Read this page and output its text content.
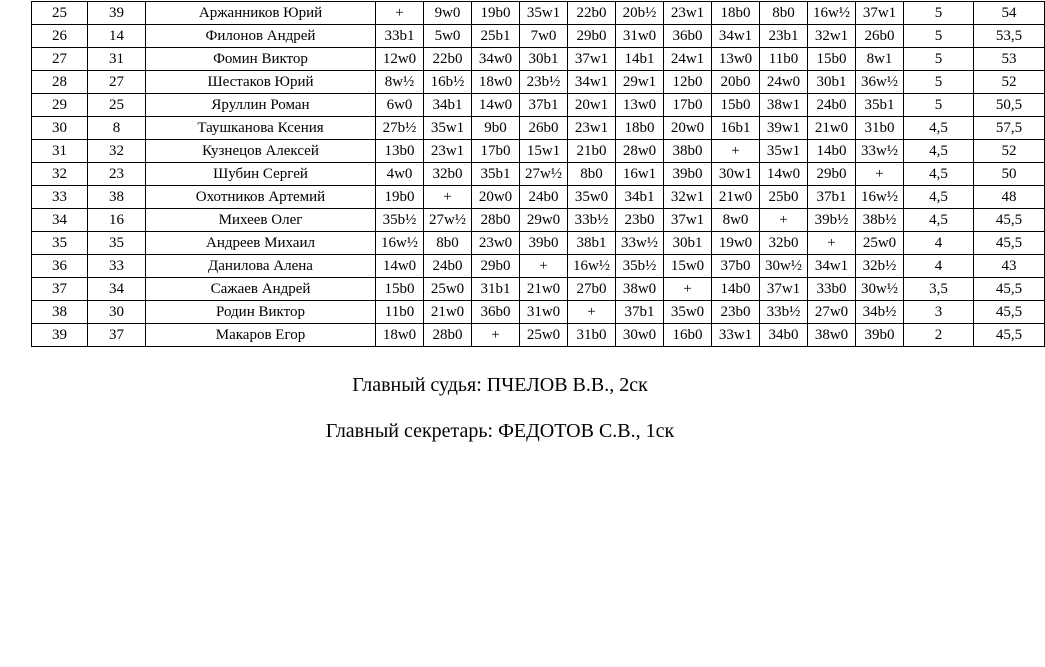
25	39	Аржанников Юрий	+	9w0	19b0	35w1	22b0	20b½	23w1	18b0	8b0	16w½	37w1	5	54
26	14	Филонов Андрей	33b1	5w0	25b1	7w0	29b0	31w0	36b0	34w1	23b1	32w1	26b0	5	53,5
27	31	Фомин Виктор	12w0	22b0	34w0	30b1	37w1	14b1	24w1	13w0	11b0	15b0	8w1	5	53
28	27	Шестаков Юрий	8w½	16b½	18w0	23b½	34w1	29w1	12b0	20b0	24w0	30b1	36w½	5	52
29	25	Яруллин Роман	6w0	34b1	14w0	37b1	20w1	13w0	17b0	15b0	38w1	24b0	35b1	5	50,5
30	8	Таушканова Ксения	27b½	35w1	9b0	26b0	23w1	18b0	20w0	16b1	39w1	21w0	31b0	4,5	57,5
31	32	Кузнецов Алексей	13b0	23w1	17b0	15w1	21b0	28w0	38b0	+	35w1	14b0	33w½	4,5	52
32	23	Шубин Сергей	4w0	32b0	35b1	27w½	8b0	16w1	39b0	30w1	14w0	29b0	+	4,5	50
33	38	Охотников Артемий	19b0	+	20w0	24b0	35w0	34b1	32w1	21w0	25b0	37b1	16w½	4,5	48
34	16	Михеев Олег	35b½	27w½	28b0	29w0	33b½	23b0	37w1	8w0	+	39b½	38b½	4,5	45,5
35	35	Андреев Михаил	16w½	8b0	23w0	39b0	38b1	33w½	30b1	19w0	32b0	+	25w0	4	45,5
36	33	Данилова Алена	14w0	24b0	29b0	+	16w½	35b½	15w0	37b0	30w½	34w1	32b½	4	43
37	34	Сажаев Андрей	15b0	25w0	31b1	21w0	27b0	38w0	+	14b0	37w1	33b0	30w½	3,5	45,5
38	30	Родин Виктор	11b0	21w0	36b0	31w0	+	37b1	35w0	23b0	33b½	27w0	34b½	3	45,5
39	37	Макаров Егор	18w0	28b0	+	25w0	31b0	30w0	16b0	33w1	34b0	38w0	39b0	2	45,5
Главный судья: ПЧЕЛОВ В.В., 2ск
Главный секретарь: ФЕДОТОВ С.В., 1ск
